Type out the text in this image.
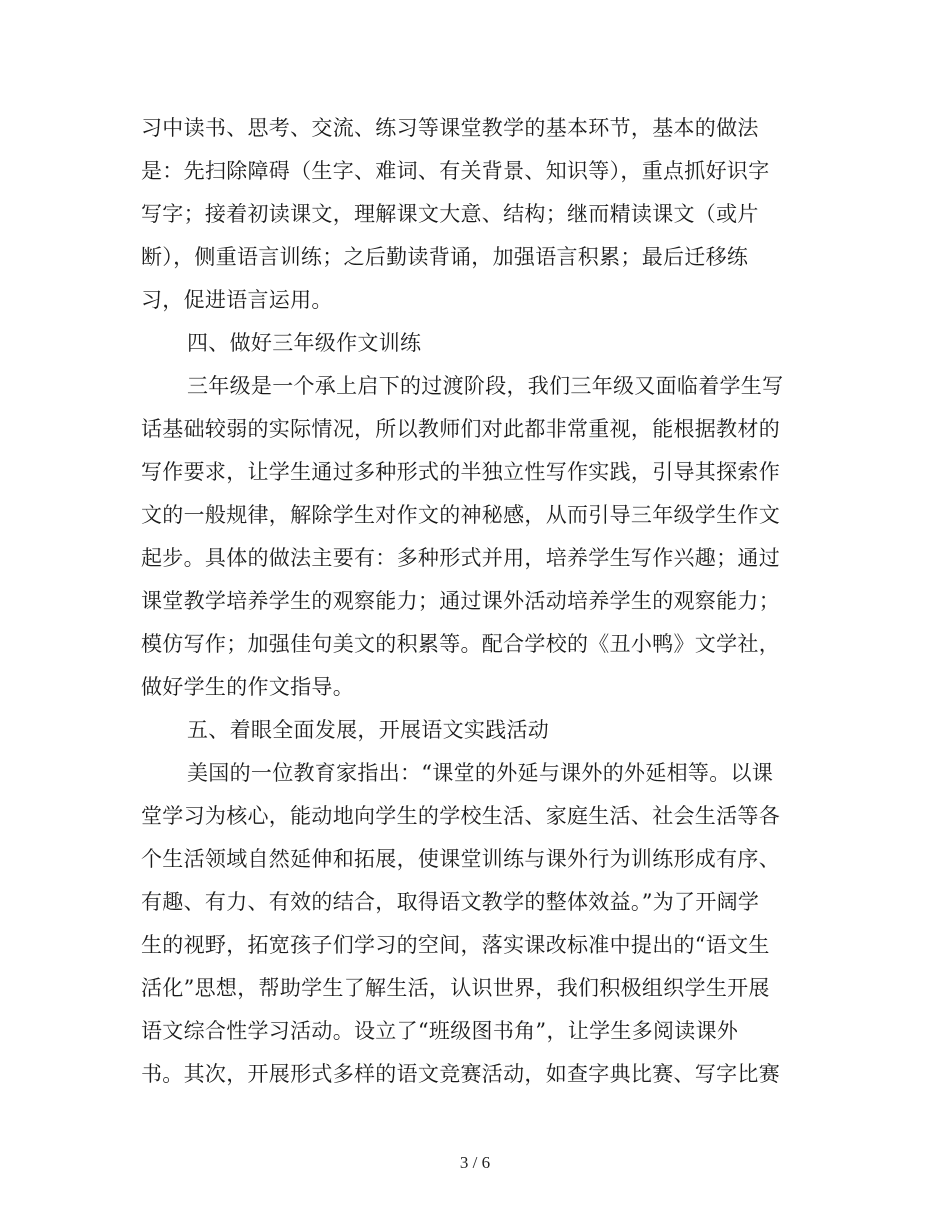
习中读书、思考、交流、练习等课堂教学的基本环节，基本的做法
是：先扫除障碍（生字、难词、有关背景、知识等），重点抓好识字
写字；接着初读课文，理解课文大意、结构；继而精读课文（或片
断），侧重语言训练；之后勤读背诵，加强语言积累；最后迁移练
习，促进语言运用。
四、做好三年级作文训练
三年级是一个承上启下的过渡阶段，我们三年级又面临着学生写
话基础较弱的实际情况，所以教师们对此都非常重视，能根据教材的
写作要求，让学生通过多种形式的半独立性写作实践，引导其探索作
文的一般规律，解除学生对作文的神秘感，从而引导三年级学生作文
起步。具体的做法主要有：多种形式并用，培养学生写作兴趣；通过
课堂教学培养学生的观察能力；通过课外活动培养学生的观察能力；
模仿写作；加强佳句美文的积累等。配合学校的《丑小鸭》文学社，
做好学生的作文指导。
五、着眼全面发展，开展语文实践活动
美国的一位教育家指出：“课堂的外延与课外的外延相等。以课
堂学习为核心，能动地向学生的学校生活、家庭生活、社会生活等各
个生活领域自然延伸和拓展，使课堂训练与课外行为训练形成有序、
有趣、有力、有效的结合，取得语文教学的整体效益。”为了开阔学
生的视野，拓宽孩子们学习的空间，落实课改标准中提出的“语文生
活化”思想，帮助学生了解生活，认识世界，我们积极组织学生开展
语文综合性学习活动。设立了“班级图书角”，让学生多阅读课外
书。其次，开展形式多样的语文竞赛活动，如查字典比赛、写字比赛
3 / 6
